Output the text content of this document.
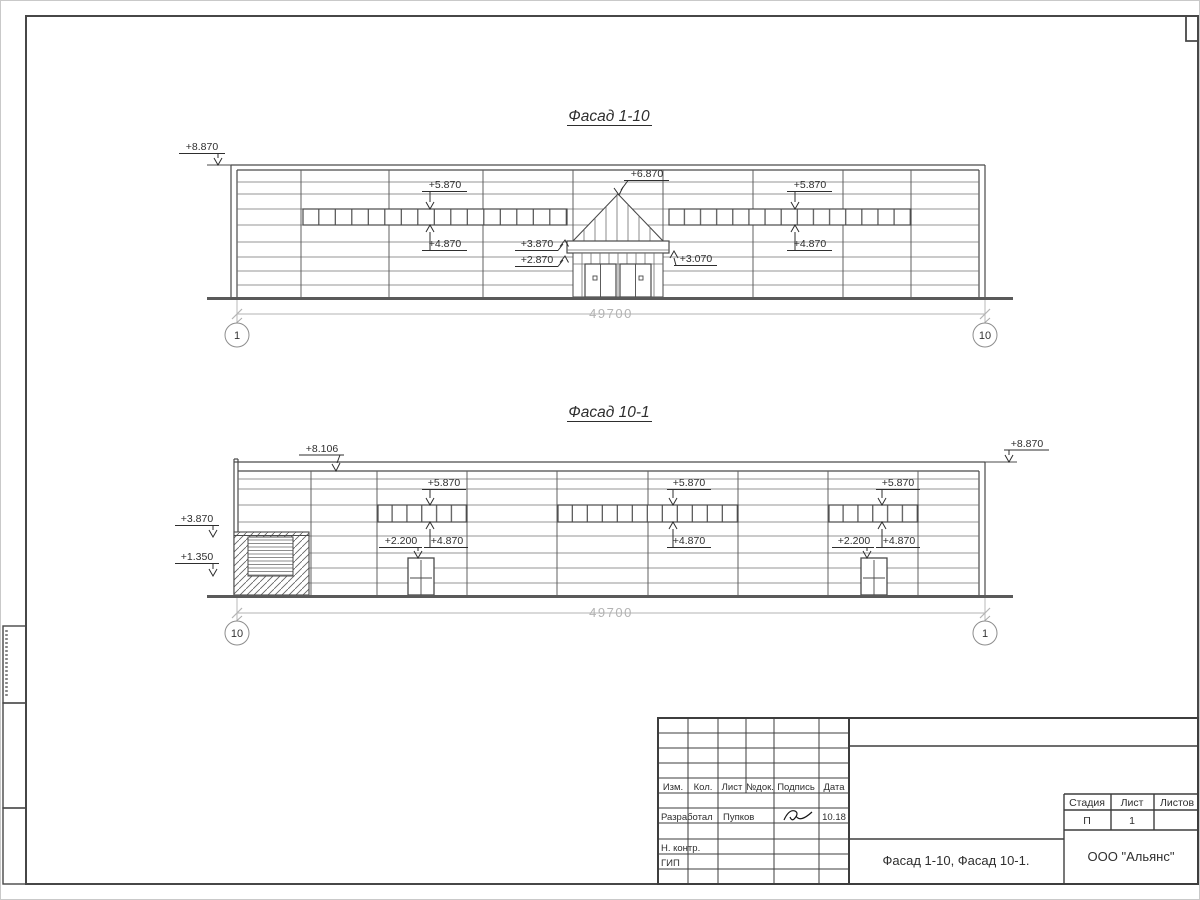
Фасад 1-10
+8.870
+5.870
+4.870
+6.870
+3.870
+2.870	+3.070
+5.870
+4.870
49700
1	10
Фасад 10-1
+8.106	+8.870
+3.870
+1.350
+5.870
+4.870
+2.200
+5.870
+4.870
+5.870
+2.200 +4.870
49700
10	1
Изм. Кол. Лист №док. Подпись Дата
Разработал Пупков	10.18
Н. контр.
ГИП
Стадия Лист Листов
П	1
Фасад 1-10, Фасад 10-1.	ООО "Альянс"
